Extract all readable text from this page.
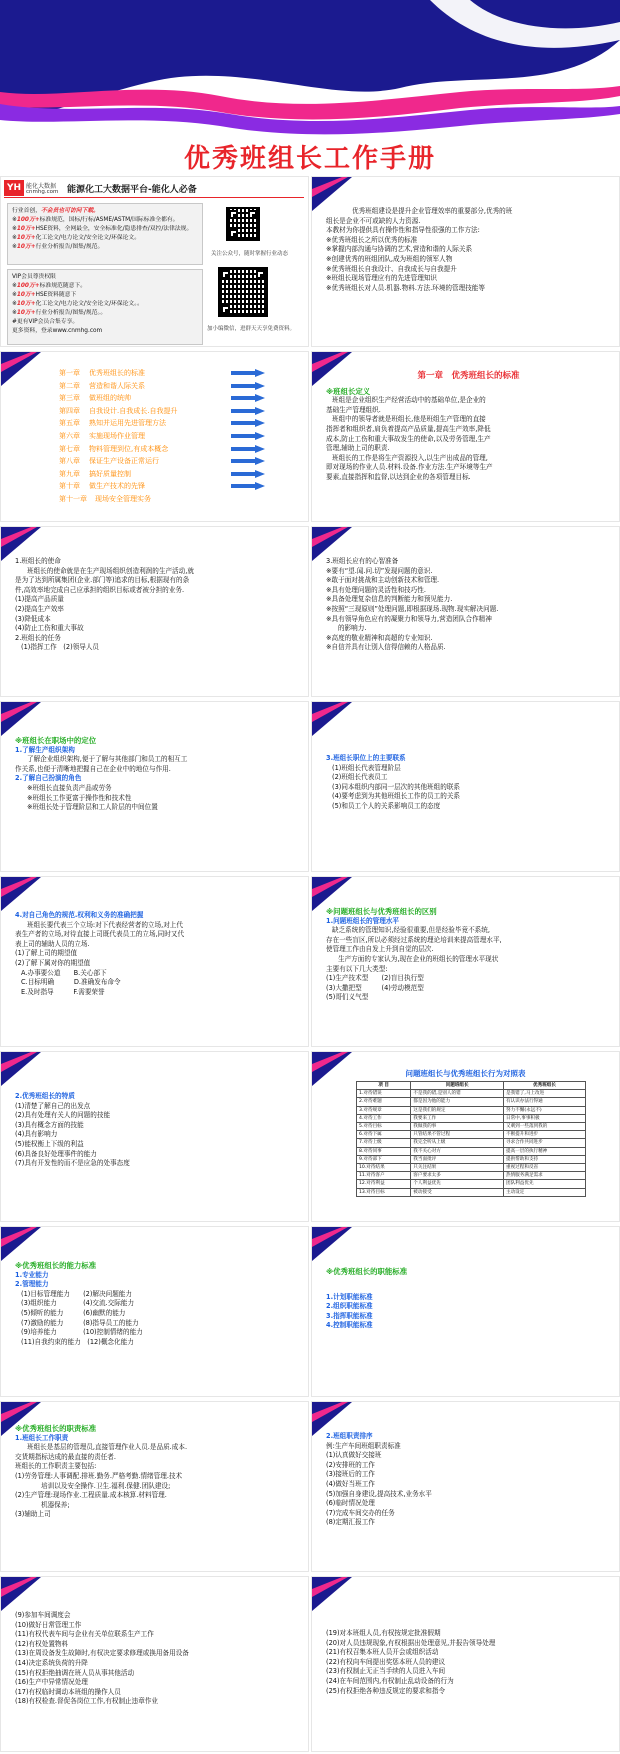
优秀班组长工作手册
YH 能化大数据
cnmhg.com 能源化工大数据平台-能化人必备
行业首创，不会员也可访问下载。
※100万+标准规范，国标/行标/ASME/ASTM/国际标准全都有。
※10万+HSE资料，全网最全，安全标准化/隐患排查/双控/法律法规。
※10万+化工论文/电力论文/安全论文/环保论文。
※10万+行业分析报告/图集/规范。
VIP会员尊贵权限
※100万+标准规范随意下。
※10万+HSE资料随意下
※10万+化工论文/电力论文/安全论文/环保论文。。
※10万+行业分析报告/图集/规范。。
#更有VIP会员合集专享。
更多资料，登录www.cnmhg.com
关注公众号，随时掌握行业动态
加小编微信，进群天天享免费资料。
优秀班组建设是提升企业管理效率的重要部分,优秀的班
组长是企业不可或缺的人力资源.
本教材为你提供具有操作性和指导性很强的工作方法:
※优秀班组长之所以优秀的标准
※掌握内部沟通与协调的艺术,营造和谐的人际关系
※创建优秀的班组团队,成为班组的领军人物
※优秀班组长自我设计、自我成长与自我提升
※班组长现场管理应有的先进管理知识
※优秀班组长对人员.机器.物料.方法.环境的管理技能等
第一章 优秀班组长的标准
第二章 营造和谐人际关系
第三章 做班组的统帅
第四章 自我设计.自我成长.自我提升
第五章 熟知并运用先进管理方法
第六章 实施现场作业管理
第七章 物料管理到位,有成本概念
第八章 保证生产设备正常运行
第九章 搞好质量控制
第十章 做生产技术的先锋
第十一章 现场安全管理实务
第一章　优秀班组长的标准
※班组长定义
班组是企业组织生产经营活动中的基础单位,是企业的
基础生产管理组织.
班组中的领导者就是班组长,他是班组生产管理的直接
指挥者和组织者,肩负着提高产品质量,提高生产效率,降低
成本,防止工伤和重大事故发生的使命,以及劳务管理,生产
管理,辅助上司的职责.
班组长的工作是将生产资源投入,以生产出成品的管理,
即对现场的作业人员.材料.设备.作业方法.生产环境等生产
要素,直接指挥和监督,以达到企业的各项管理目标.
1.班组长的使命
班组长的使命就是在生产现场组织创造利润的生产活动,就
是为了达到所属集团(企业.部门等)追求的目标,根据现有的条
件,高效率地完成自己应承担的组织目标或者被分担的业务.
(1)提高产品质量
(2)提高生产效率
(3)降低成本
(4)防止工伤和重大事故
2.班组长的任务
(1)指挥工作　(2)领导人员
3.班组长应有的心智准备
※要有“望.闻.问.切”发现问题的意识.
※敢于面对挑战和主动创新技术和管理.
※具有处理问题的灵活性和技巧性.
※具备处理复杂信息的判断能力和预见能力.
※按照“三现原则”处理问题,即根据现场.现物.现实解决问题.
※具有领导角色应有的凝聚力和领导力,营造团队合作精神
的影响力.
※高度的敬业精神和高超的专业知识.
※自信并具有让别人信得信赖的人格品质.
※班组长在职场中的定位
1.了解生产组织架构
了解企业组织架构,便于了解与其他部门和员工的相互工
作关系,也便于清晰地把握自己在企业中的地位与作用.
2.了解自己扮演的角色
※班组长直接负责产品或劳务
※班组长工作更富于操作性和技术性
※班组长处于管理阶层和工人阶层的中间位置
3.班组长职位上的主要联系
(1)班组长代表管理阶层
(2)班组长代表员工
(3)同本组织内部同一层次的其他班组的联系
(4)要考虑到为其他班组长工作的员工的关系
(5)和员工个人的关系影响员工的态度
4.对自己角色的规范.权利和义务的准确把握
班组长要代表三个立场:对下代表经营者的立场,对上代
表生产者的立场,对待直接上司既代表员工的立场,同时又代
表上司的辅助人员的立场.
(1)了解上司的期望值
(2)了解下属对你的期望值
A.办事要公道　　B.关心部下
C.目标明确　　　D.准确发布命令
E.及时指导　　　F.需要荣誉
※问题班组长与优秀班组长的区别
1.问题班组长的管理水平
缺乏系统的管理知识,经验很重要,但是经验毕竟不系统,
存在一些盲区,所以必须经过系统的理论培训来提高管理水平,
使管理工作由自发上升到自觉的层次.
生产方面的专家认为,现在企业的班组长的管理水平现状
主要有以下几大类型:
(1)生产技术型　　(2)盲目执行型
(3)大撒把型　　　(4)劳动模范型
(5)哥们义气型
2.优秀班组长的特质
(1)清楚了解自己的出发点
(2)具有处理有关人的问题的技能
(3)具有概念方面的技能
(4)具有影响力
(5)能权衡上下级的利益
(6)具备良好处理事件的能力
(7)具有开发性的而不是应急的处事态度
问题班组长与优秀班组长行为对照表
项 目	问题班组长	优秀班组长
1.对待错误	不是我的错,是别人的错	是我错了,马上改进
2.对待难题	都是因为他的能力	有认识办法行得通
3.对待规章	这是我们的规定	努力不懈(永远不)
4.对待工作	我要来工作	日常中,事事积极
5.对待目标	我做我的事	又刺到一些落到我的
6.对待下属	只管结果不管过程	不断提升和进步
7.对待上级	我完全听从上级	寻求合作共同进步
8.对待同事	我不关心对方	提高一层的执行精神
9.对待部下	我当面批评	提供帮助和支持
10.对待结果	只关注结果	重视过程和反省
11.对待客户	客户要求太多	热情服务满足需求
12.对待利益	个人利益优先	团队利益优先
13.对待目标	被动接受	主动设定
※优秀班组长的能力标准
1.专业能力
2.管理能力
(1)目标管理能力　　(2)解决问题能力
(3)组织能力　　　　(4)交流.交际能力
(5)倾听的能力　　　(6)幽默的能力
(7)激励的能力　　　(8)指导员工的能力
(9)培养能力　　　　(10)控制情绪的能力
(11)自我约束的能力　(12)概念化能力
※优秀班组长的职能标准
1.计划职能标准
2.组织职能标准
3.指挥职能标准
4.控制职能标准
※优秀班组长的职责标准
1.班组长工作职责
班组长是基层的管理员,直接管理作业人员.是品质.成本.
交货期指标达成的最直接的责任者.
班组长的工作职责主要包括:
(1)劳务管理:人事调配.排班.勤务.严格考勤.情绪管理.技术
培训以及安全操作.卫生.福利.保健.团队建设;
(2)生产管理:现场作业.工程质量.成本核算.材料管理.
机器保养;
(3)辅助上司
2.班组职责排序
例:生产车间班组职责标准
(1)认真做好交接班
(2)安排班的工作
(3)接班后的工作
(4)做好当班工作
(5)加强自身建设,提高技术,业务水平
(6)临时情况处理
(7)完成车间交办的任务
(8)定期汇报工作
(9)参加车间调度会
(10)做好日常管理工作
(11)有权代表车间与企业有关单位联系生产工作
(12)有权处置物料
(13)在周设备发生故障时,有权决定要求修理或换用备用设备
(14)决定系统负荷的升降
(15)有权拒绝抽调在班人员从事其他活动
(16)生产中异常情况处理
(17)有权临时调动本班组的操作人员
(18)有权检查.督促各岗位工作,有权制止违章作业
(19)对本班组人员,有权按规定批准假期
(20)对人员违规现象,有权根据出处理意见,并报告领导处理
(21)有权召集本班人员开会或组织活动
(22)有权向车间提出奖惩本班人员的建议
(23)有权制止无正当手续的人员进入车间
(24)在车间范围内,有权制止乱动设备的行为
(25)有权拒绝各种违反规定的要求和指令
